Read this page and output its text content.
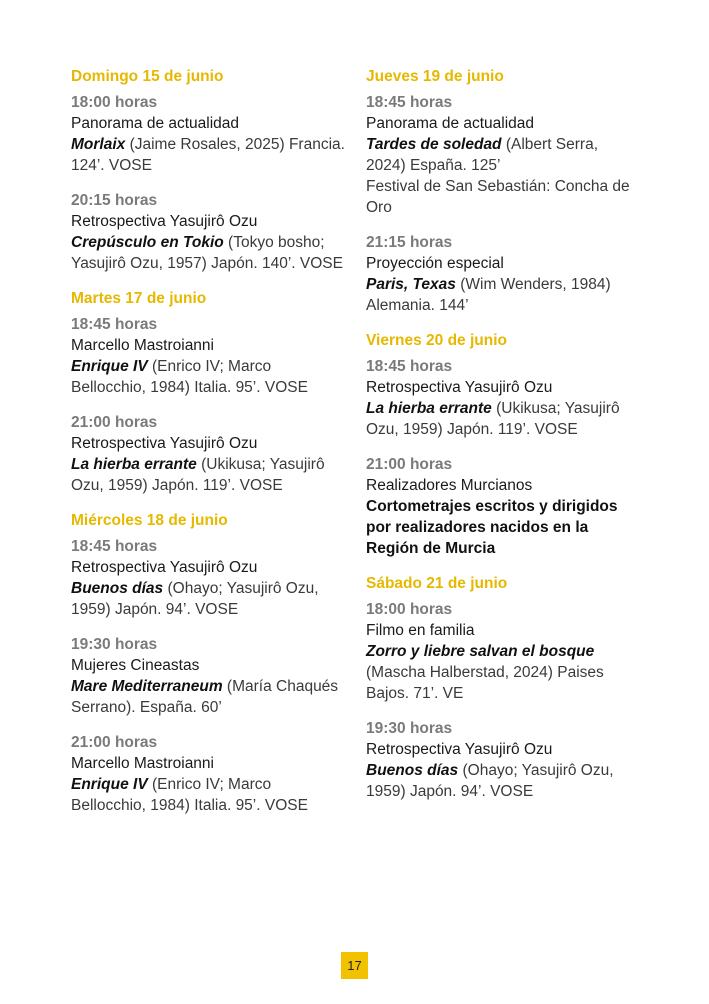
Domingo 15 de junio
18:00 horas
Panorama de actualidad
Morlaix (Jaime Rosales, 2025) Francia. 124’. VOSE
20:15 horas
Retrospectiva Yasujirô Ozu
Crepúsculo en Tokio (Tokyo bosho; Yasujirô Ozu, 1957) Japón. 140’. VOSE
Martes 17 de junio
18:45 horas
Marcello Mastroianni
Enrique IV (Enrico IV; Marco Bellocchio, 1984) Italia. 95’. VOSE
21:00 horas
Retrospectiva Yasujirô Ozu
La hierba errante (Ukikusa; Yasujirô Ozu, 1959) Japón. 119’. VOSE
Miércoles 18 de junio
18:45 horas
Retrospectiva Yasujirô Ozu
Buenos días (Ohayo; Yasujirô Ozu, 1959) Japón. 94’. VOSE
19:30 horas
Mujeres Cineastas
Mare Mediterraneum (María Chaqués Serrano). España. 60’
21:00 horas
Marcello Mastroianni
Enrique IV (Enrico IV; Marco Bellocchio, 1984) Italia. 95’. VOSE
Jueves 19 de junio
18:45 horas
Panorama de actualidad
Tardes de soledad (Albert Serra, 2024) España. 125’
Festival de San Sebastián: Concha de Oro
21:15 horas
Proyección especial
Paris, Texas (Wim Wenders, 1984) Alemania. 144’
Viernes 20 de junio
18:45 horas
Retrospectiva Yasujirô Ozu
La hierba errante (Ukikusa; Yasujirô Ozu, 1959) Japón. 119’. VOSE
21:00 horas
Realizadores Murcianos
Cortometrajes escritos y dirigidos por realizadores nacidos en la Región de Murcia
Sábado 21 de junio
18:00 horas
Filmo en familia
Zorro y liebre salvan el bosque (Mascha Halberstad, 2024) Paises Bajos. 71’. VE
19:30 horas
Retrospectiva Yasujirô Ozu
Buenos días (Ohayo; Yasujirô Ozu, 1959) Japón. 94’. VOSE
17
